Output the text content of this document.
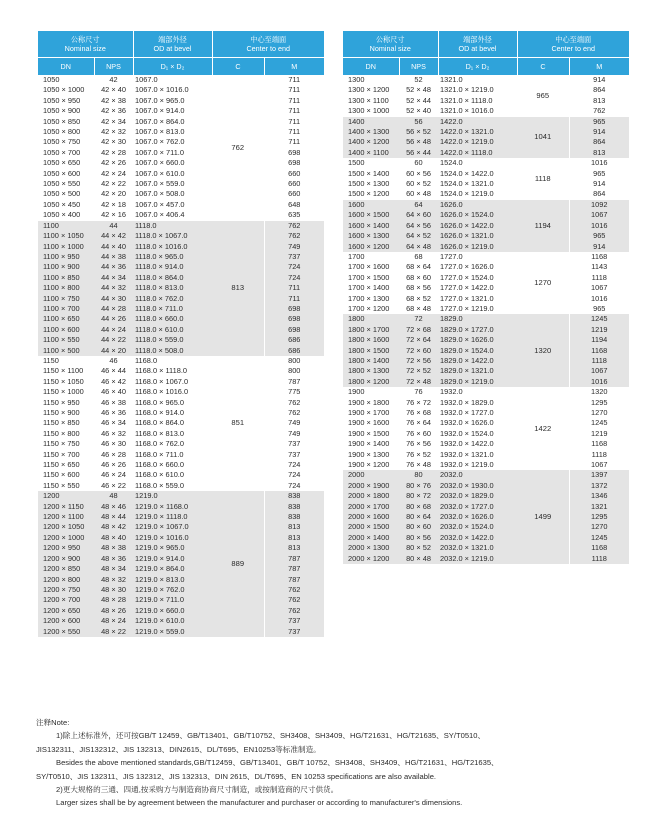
公称尺寸
Nominal size		端部外径
OD at bevel	中心至端面
Center to end	
DN	NPS	D₁ × D₂	C	M
1050	42	1067.0	762	711
1050 × 1000	42 × 40	1067.0 × 1016.0		711
1050 × 950	42 × 38	1067.0 × 965.0		711
1050 × 900	42 × 36	1067.0 × 914.0		711
1050 × 850	42 × 34	1067.0 × 864.0		711
1050 × 800	42 × 32	1067.0 × 813.0		711
1050 × 750	42 × 30	1067.0 × 762.0		711
1050 × 700	42 × 28	1067.0 × 711.0		698
1050 × 650	42 × 26	1067.0 × 660.0		698
1050 × 600	42 × 24	1067.0 × 610.0		660
1050 × 550	42 × 22	1067.0 × 559.0		660
1050 × 500	42 × 20	1067.0 × 508.0		660
1050 × 450	42 × 18	1067.0 × 457.0		648
1050 × 400	42 × 16	1067.0 × 406.4		635
1100	44	1118.0	813	762
1100 × 1050	44 × 42	1118.0 × 1067.0		762
1100 × 1000	44 × 40	1118.0 × 1016.0		749
1100 × 950	44 × 38	1118.0 × 965.0		737
1100 × 900	44 × 36	1118.0 × 914.0		724
1100 × 850	44 × 34	1118.0 × 864.0		724
1100 × 800	44 × 32	1118.0 × 813.0		711
1100 × 750	44 × 30	1118.0 × 762.0		711
1100 × 700	44 × 28	1118.0 × 711.0		698
1100 × 650	44 × 26	1118.0 × 660.0		698
1100 × 600	44 × 24	1118.0 × 610.0		698
1100 × 550	44 × 22	1118.0 × 559.0		686
1100 × 500	44 × 20	1118.0 × 508.0		686
1150	46	1168.0	851	800
1150 × 1100	46 × 44	1168.0 × 1118.0		800
1150 × 1050	46 × 42	1168.0 × 1067.0		787
1150 × 1000	46 × 40	1168.0 × 1016.0		775
1150 × 950	46 × 38	1168.0 × 965.0		762
1150 × 900	46 × 36	1168.0 × 914.0		762
1150 × 850	46 × 34	1168.0 × 864.0		749
1150 × 800	46 × 32	1168.0 × 813.0		749
1150 × 750	46 × 30	1168.0 × 762.0		737
1150 × 700	46 × 28	1168.0 × 711.0		737
1150 × 650	46 × 26	1168.0 × 660.0		724
1150 × 600	46 × 24	1168.0 × 610.0		724
1150 × 550	46 × 22	1168.0 × 559.0		724
1200	48	1219.0	889	838
1200 × 1150	48 × 46	1219.0 × 1168.0		838
1200 × 1100	48 × 44	1219.0 × 1118.0		838
1200 × 1050	48 × 42	1219.0 × 1067.0		813
1200 × 1000	48 × 40	1219.0 × 1016.0		813
1200 × 950	48 × 38	1219.0 × 965.0		813
1200 × 900	48 × 36	1219.0 × 914.0		787
1200 × 850	48 × 34	1219.0 × 864.0		787
1200 × 800	48 × 32	1219.0 × 813.0		787
1200 × 750	48 × 30	1219.0 × 762.0		762
1200 × 700	48 × 28	1219.0 × 711.0		762
1200 × 650	48 × 26	1219.0 × 660.0		762
1200 × 600	48 × 24	1219.0 × 610.0		737
1200 × 550	48 × 22	1219.0 × 559.0		737
公称尺寸
Nominal size		端部外径
OD at bevel	中心至端面
Center to end	
DN	NPS	D₁ × D₂	C	M
1300	52	1321.0	965	914
1300 × 1200	52 × 48	1321.0 × 1219.0		864
1300 × 1100	52 × 44	1321.0 × 1118.0		813
1300 × 1000	52 × 40	1321.0 × 1016.0		762
1400	56	1422.0	1041	965
1400 × 1300	56 × 52	1422.0 × 1321.0		914
1400 × 1200	56 × 48	1422.0 × 1219.0		864
1400 × 1100	56 × 44	1422.0 × 1118.0		813
1500	60	1524.0	1118	1016
1500 × 1400	60 × 56	1524.0 × 1422.0		965
1500 × 1300	60 × 52	1524.0 × 1321.0		914
1500 × 1200	60 × 48	1524.0 × 1219.0		864
1600	64	1626.0	1194	1092
1600 × 1500	64 × 60	1626.0 × 1524.0		1067
1600 × 1400	64 × 56	1626.0 × 1422.0		1016
1600 × 1300	64 × 52	1626.0 × 1321.0		965
1600 × 1200	64 × 48	1626.0 × 1219.0		914
1700	68	1727.0	1270	1168
1700 × 1600	68 × 64	1727.0 × 1626.0		1143
1700 × 1500	68 × 60	1727.0 × 1524.0		1118
1700 × 1400	68 × 56	1727.0 × 1422.0		1067
1700 × 1300	68 × 52	1727.0 × 1321.0		1016
1700 × 1200	68 × 48	1727.0 × 1219.0		965
1800	72	1829.0	1320	1245
1800 × 1700	72 × 68	1829.0 × 1727.0		1219
1800 × 1600	72 × 64	1829.0 × 1626.0		1194
1800 × 1500	72 × 60	1829.0 × 1524.0		1168
1800 × 1400	72 × 56	1829.0 × 1422.0		1118
1800 × 1300	72 × 52	1829.0 × 1321.0		1067
1800 × 1200	72 × 48	1829.0 × 1219.0		1016
1900	76	1932.0	1422	1320
1900 × 1800	76 × 72	1932.0 × 1829.0		1295
1900 × 1700	76 × 68	1932.0 × 1727.0		1270
1900 × 1600	76 × 64	1932.0 × 1626.0		1245
1900 × 1500	76 × 60	1932.0 × 1524.0		1219
1900 × 1400	76 × 56	1932.0 × 1422.0		1168
1900 × 1300	76 × 52	1932.0 × 1321.0		1118
1900 × 1200	76 × 48	1932.0 × 1219.0		1067
2000	80	2032.0	1499	1397
2000 × 1900	80 × 76	2032.0 × 1930.0		1372
2000 × 1800	80 × 72	2032.0 × 1829.0		1346
2000 × 1700	80 × 68	2032.0 × 1727.0		1321
2000 × 1600	80 × 64	2032.0 × 1626.0		1295
2000 × 1500	80 × 60	2032.0 × 1524.0		1270
2000 × 1400	80 × 56	2032.0 × 1422.0		1245
2000 × 1300	80 × 52	2032.0 × 1321.0		1168
2000 × 1200	80 × 48	2032.0 × 1219.0		1118
注释Note:
1)除上述标准外，还可按GB/T 12459、GB/T13401、GB/T10752、SH3408、SH3409、HG/T21631、HG/T21635、SY/T0510、
JIS132311、JIS132312、JIS 132313、DIN2615、DL/T695、EN10253等标准制造。
Besides the above mentioned standards,GB/T12459、GB/T13401、GB/T 10752、SH3408、SH3409、HG/T21631、HG/T21635、
SY/T0510、JIS 132311、JIS 132312、JIS 132313、DIN 2615、DL/T695、EN 10253 specifications are also available.
2)更大规格的三通、四通,按采购方与制造商协商尺寸制造，或按制造商的尺寸供货。
Larger sizes shall be by agreement between the manufacturer and purchaser or according to manufacturer's dimensions.
